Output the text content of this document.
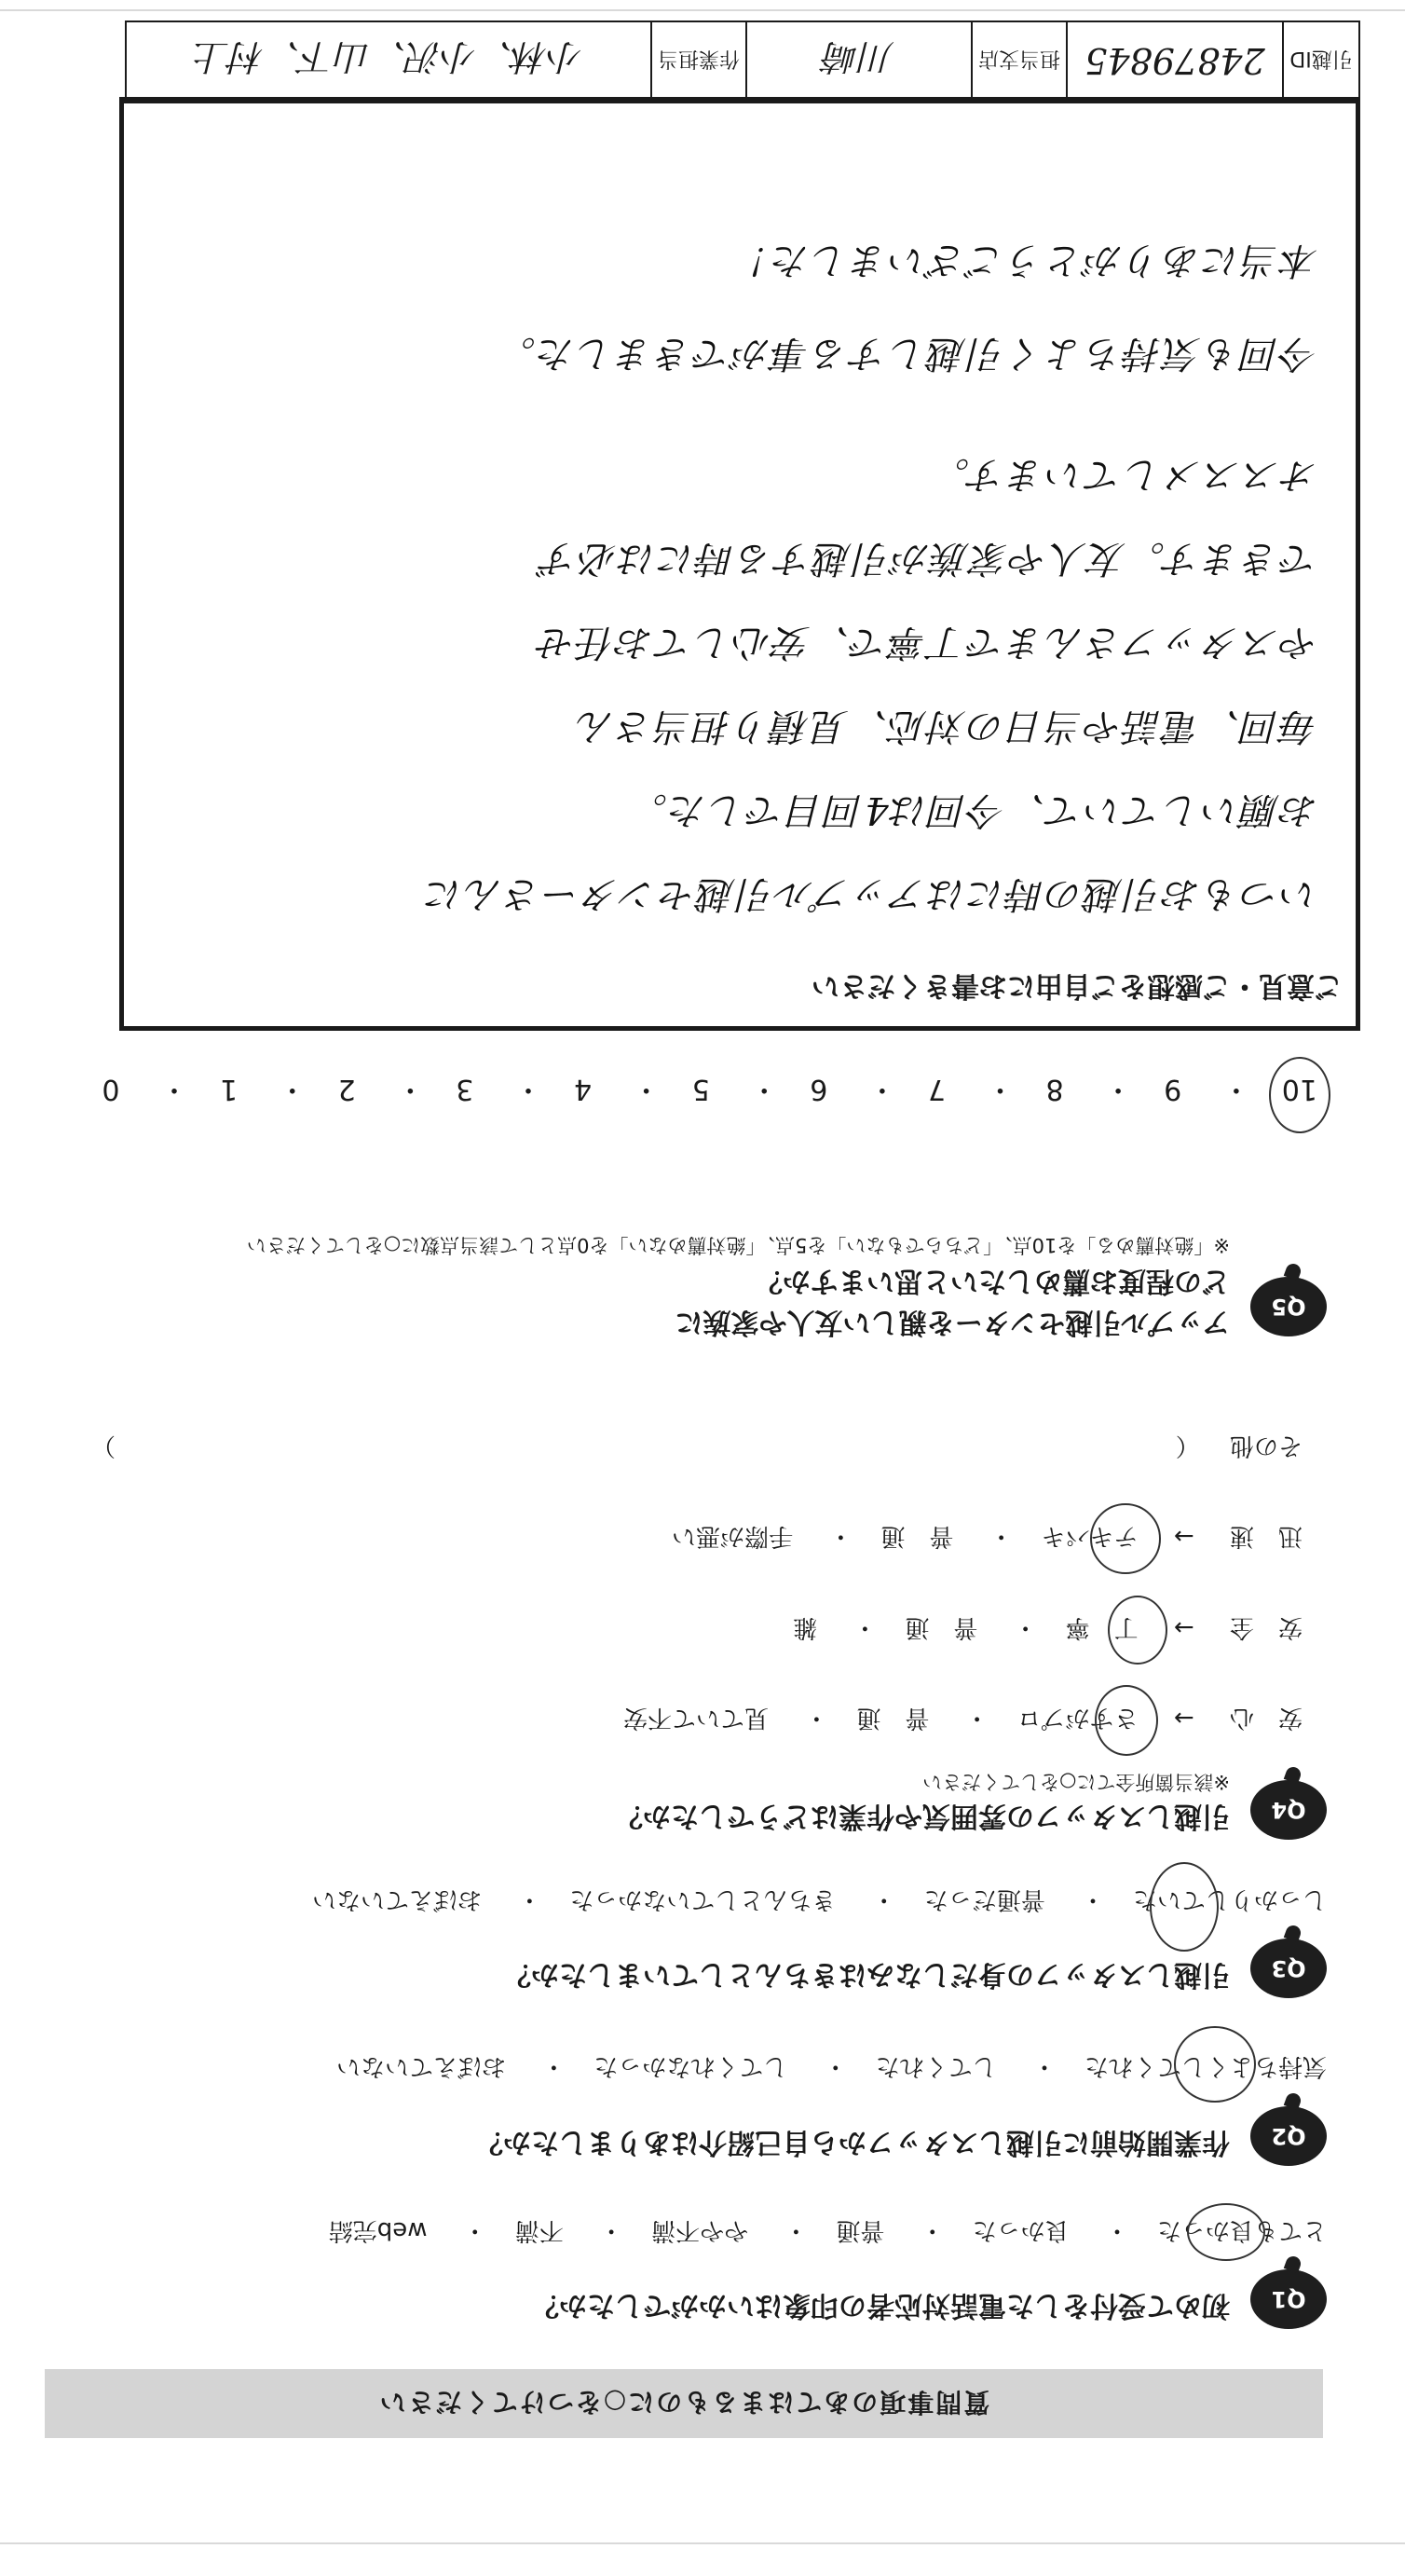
質問事項のあてはまるものに○をつけてください
Q1
初めて受付をした電話対応者の印象はいかがでしたか？
とても良かった・ 良かった・ 普通・ やや不満・ 不満・ web完結
Q2
作業開始前に引越しスタッフから自己紹介はありましたか？
気持ちよくしてくれた・ してくれた・ してくれなかった・ おぼえていない
Q3
引越しスタッフの身だしなみはきちんとしていましたか？
しっかりしていた・ 普通だった・ きちんとしていなかった・ おぼえていない
Q4
引越しスタッフの雰囲気や作業はどうでしたか？
※該当箇所全てに○をしてください
安　心 → さすがプロ・ 普　通・ 見ていて不安
安　全 → 丁　寧・ 普　通・ 雑
迅　速 → テキパキ・ 普　通・ 手際が悪い
その他 （
）
Q5
アップル引越センターを親しい友人や家族に
どの程度お薦めしたいと思いますか？
※「絶対薦める」を10点、「どちらでもない」を5点、「絶対薦めない」を0点として該当点数に○をしてください
10・ 9・ 8・ 7・ 6・ 5・ 4・ 3・ 2・ 1・ 0
ご意見・ご感想をご自由にお書きください
いつもお引越の時にはアップル引越センターさんに
お願いしていて、今回は4回目でした。
毎回、電話や当日の対応、見積り担当さん
やスタッフさんまで丁寧で、安心してお任せ
できます。友人や家族が引越する時には必ず
オススメしています。
今回も気持ちよく引越しする事ができました。
本当にありがとうございました！
引越ID
24879845
担当支店
川崎
作業担当
小林、小沢、山下、村上
